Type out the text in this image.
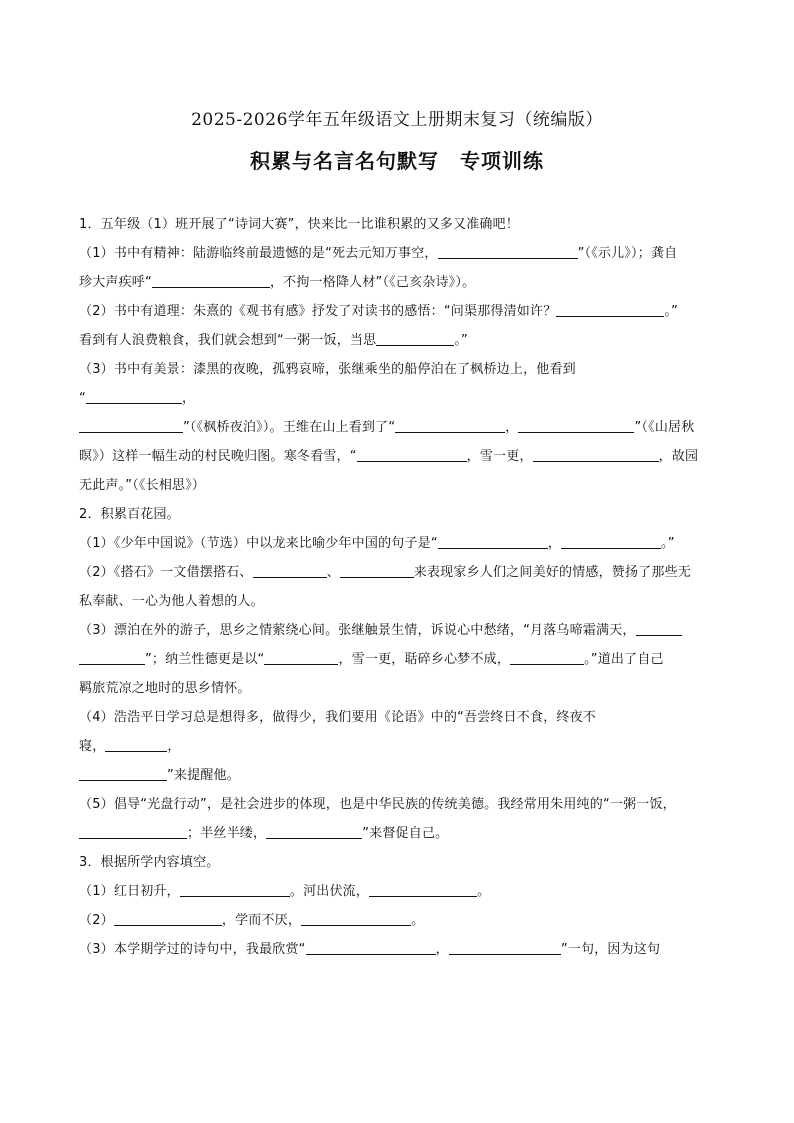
2025-2026学年五年级语文上册期末复习（统编版）
积累与名言名句默写　专项训练
1．五年级（1）班开展了“诗词大赛”，快来比一比谁积累的又多又准确吧！
（1）书中有精神：陆游临终前最遗憾的是“死去元知万事空，	”（《示儿》）；龚自
珍大声疾呼“	，不拘一格降人材”（《己亥杂诗》）。
（2）书中有道理：朱熹的《观书有感》抒发了对读书的感悟：“问渠那得清如许？	。”
看到有人浪费粮食，我们就会想到“一粥一饭，当思	。”
（3）书中有美景：漆黑的夜晚，孤鸦哀啼，张继乘坐的船停泊在了枫桥边上，他看到
“	，
”（《枫桥夜泊》）。王维在山上看到了“	，	”（《山居秋
暝》）这样一幅生动的村民晚归图。寒冬看雪，“	，雪一更，	，故园
无此声。”（《长相思》）
2．积累百花园。
（1）《少年中国说》（节选）中以龙来比喻少年中国的句子是“	，	。”
（2）《搭石》一文借摆搭石、	、	来表现家乡人们之间美好的情感，赞扬了那些无
私奉献、一心为他人着想的人。
（3）漂泊在外的游子，思乡之情萦绕心间。张继触景生情，诉说心中愁绪，“月落乌啼霜满天，
”；纳兰性德更是以“	，雪一更，聒碎乡心梦不成，	。”道出了自己
羁旅荒凉之地时的思乡情怀。
（4）浩浩平日学习总是想得多，做得少，我们要用《论语》中的“吾尝终日不食，终夜不
寝，	，
”来提醒他。
（5）倡导“光盘行动”，是社会进步的体现，也是中华民族的传统美德。我经常用朱用纯的“一粥一饭，
；半丝半缕，	”来督促自己。
3．根据所学内容填空。
（1）红日初升，	。河出伏流，	。
（2）	，学而不厌，	。
（3）本学期学过的诗句中，我最欣赏“	，	”一句，因为这句
